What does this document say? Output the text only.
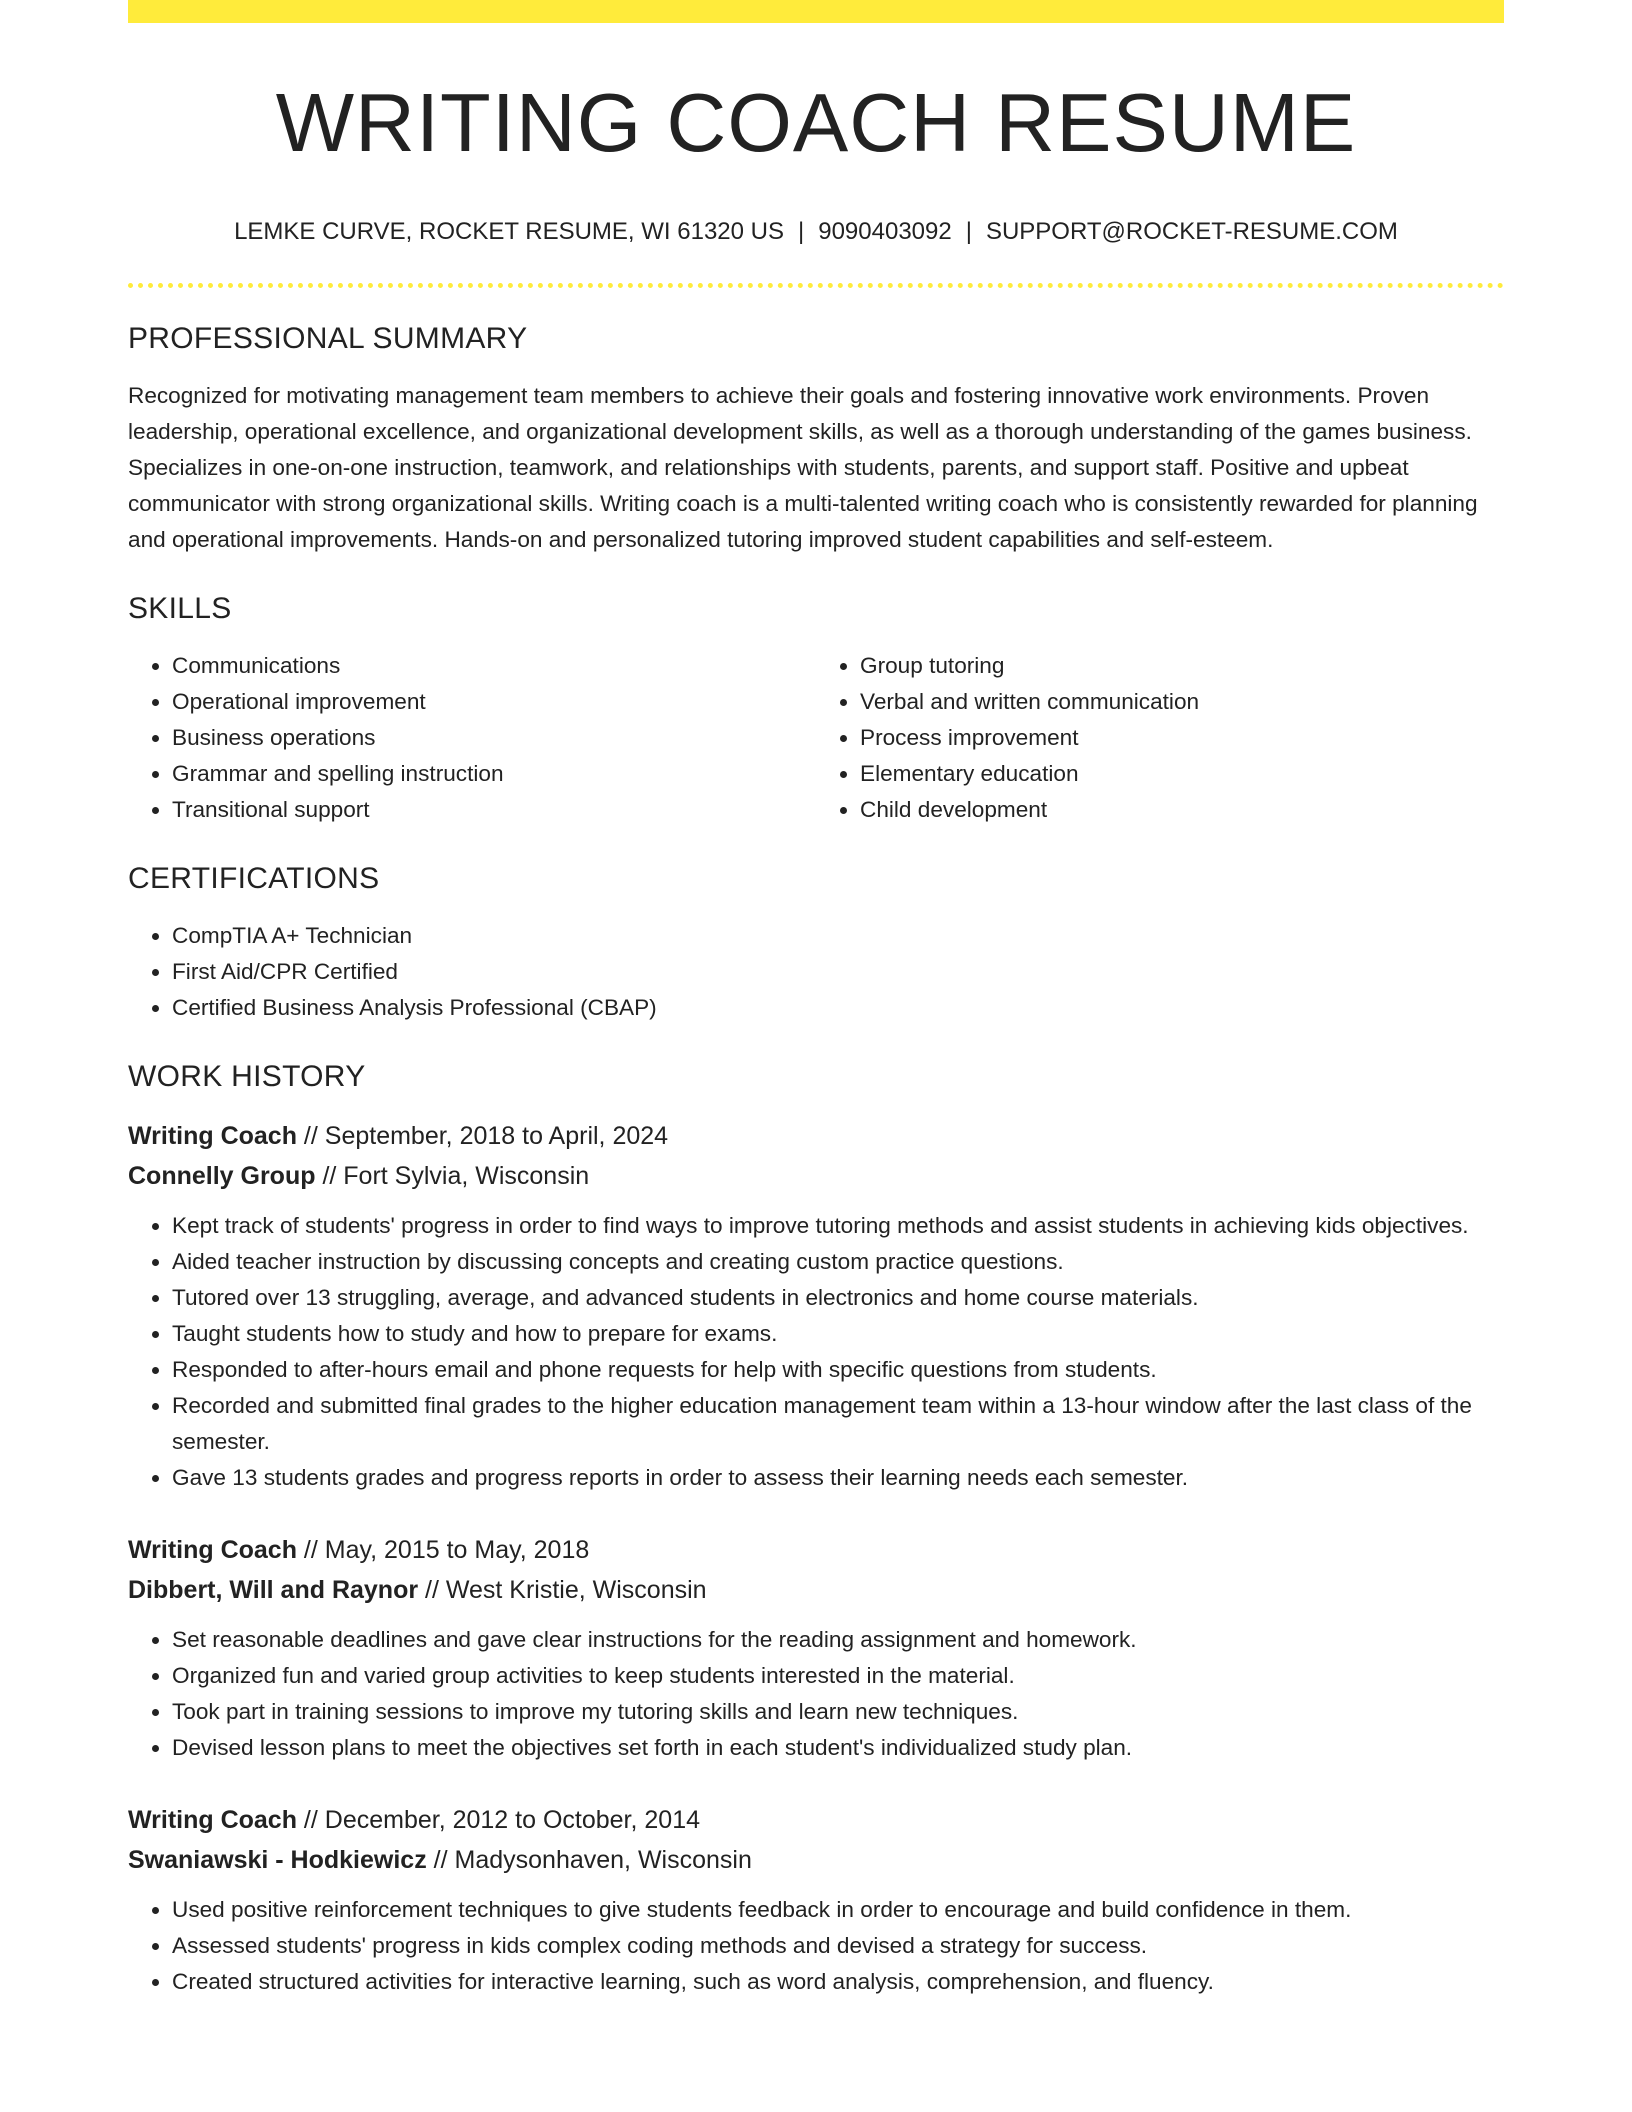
WRITING COACH RESUME
LEMKE CURVE, ROCKET RESUME, WI 61320 US | 9090403092 | SUPPORT@ROCKET-RESUME.COM
PROFESSIONAL SUMMARY

Recognized for motivating management team members to achieve their goals and fostering innovative work environments. Proven leadership, operational excellence, and organizational development skills, as well as a thorough understanding of the games business. Specializes in one-on-one instruction, teamwork, and relationships with students, parents, and support staff. Positive and upbeat communicator with strong organizational skills. Writing coach is a multi-talented writing coach who is consistently rewarded for planning and operational improvements. Hands-on and personalized tutoring improved student capabilities and self-esteem.

SKILLS
• Communications
• Operational improvement
• Business operations
• Grammar and spelling instruction
• Transitional support
• Group tutoring
• Verbal and written communication
• Process improvement
• Elementary education
• Child development
CERTIFICATIONS
• CompTIA A+ Technician
• First Aid/CPR Certified
• Certified Business Analysis Professional (CBAP)
WORK HISTORY
Writing Coach // September, 2018 to April, 2024
Connelly Group // Fort Sylvia, Wisconsin
• Kept track of students' progress in order to find ways to improve tutoring methods and assist students in achieving kids objectives.
• Aided teacher instruction by discussing concepts and creating custom practice questions.
• Tutored over 13 struggling, average, and advanced students in electronics and home course materials.
• Taught students how to study and how to prepare for exams.
• Responded to after-hours email and phone requests for help with specific questions from students.
• Recorded and submitted final grades to the higher education management team within a 13-hour window after the last class of the semester.
• Gave 13 students grades and progress reports in order to assess their learning needs each semester.
Writing Coach // May, 2015 to May, 2018
Dibbert, Will and Raynor // West Kristie, Wisconsin
• Set reasonable deadlines and gave clear instructions for the reading assignment and homework.
• Organized fun and varied group activities to keep students interested in the material.
• Took part in training sessions to improve my tutoring skills and learn new techniques.
• Devised lesson plans to meet the objectives set forth in each student's individualized study plan.
Writing Coach // December, 2012 to October, 2014
Swaniawski - Hodkiewicz // Madysonhaven, Wisconsin
• Used positive reinforcement techniques to give students feedback in order to encourage and build confidence in them.
• Assessed students' progress in kids complex coding methods and devised a strategy for success.
• Created structured activities for interactive learning, such as word analysis, comprehension, and fluency.
